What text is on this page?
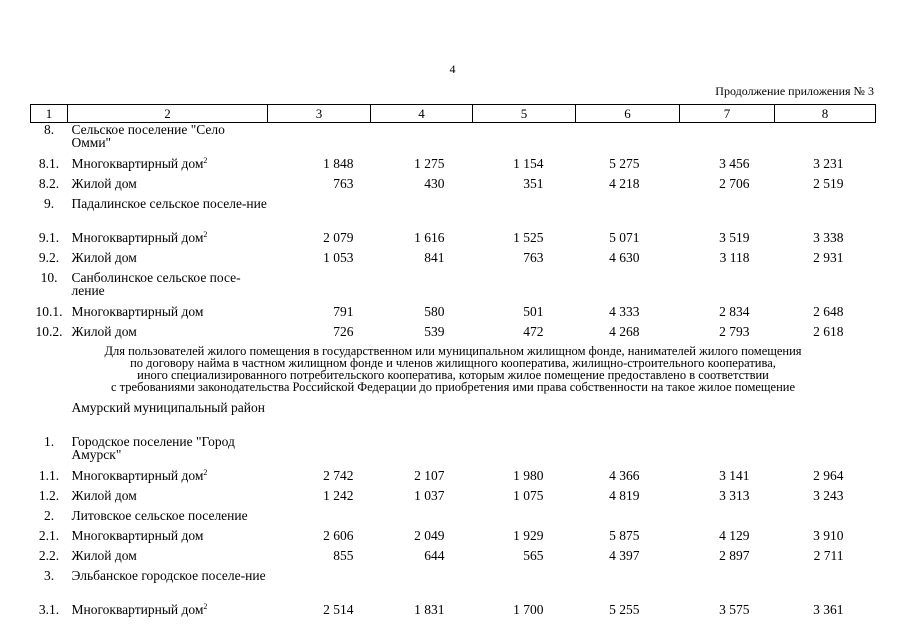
4
Продолжение приложения № 3
1	2	3	4	5	6	7	8
8.	Сельское поселение "Село Омми"						
8.1.	Многоквартирный дом$^2$	1 848	1 275	1 154	5 275	3 456	3 231
8.2.	Жилой дом	763	430	351	4 218	2 706	2 519
9.	Падалинское сельское поселе-ние						
9.1.	Многоквартирный дом$^2$	2 079	1 616	1 525	5 071	3 519	3 338
9.2.	Жилой дом	1 053	841	763	4 630	3 118	2 931
10.	Санболинское сельское посе-ление						
10.1.	Многоквартирный дом	791	580	501	4 333	2 834	2 648
10.2.	Жилой дом	726	539	472	4 268	2 793	2 618

Для пользователей жилого помещения в государственном или муниципальном жилищном фонде, нанимателей жилого помещения
по договору найма в частном жилищном фонде и членов жилищного кооператива, жилищно-строительного кооператива,
иного специализированного потребительского кооператива, которым жилое помещение предоставлено в соответствии
с требованиями законодательства Российской Федерации до приобретения ими права собственности на такое жилое помещение							

	Амурский муниципальный район						
1.	Городское поселение "Город Амурск"						
1.1.	Многоквартирный дом$^2$	2 742	2 107	1 980	4 366	3 141	2 964
1.2.	Жилой дом	1 242	1 037	1 075	4 819	3 313	3 243
2.	Литовское сельское поселение						
2.1.	Многоквартирный дом	2 606	2 049	1 929	5 875	4 129	3 910
2.2.	Жилой дом	855	644	565	4 397	2 897	2 711
3.	Эльбанское городское поселе-ние						
3.1.	Многоквартирный дом$^2$	2 514	1 831	1 700	5 255	3 575	3 361
